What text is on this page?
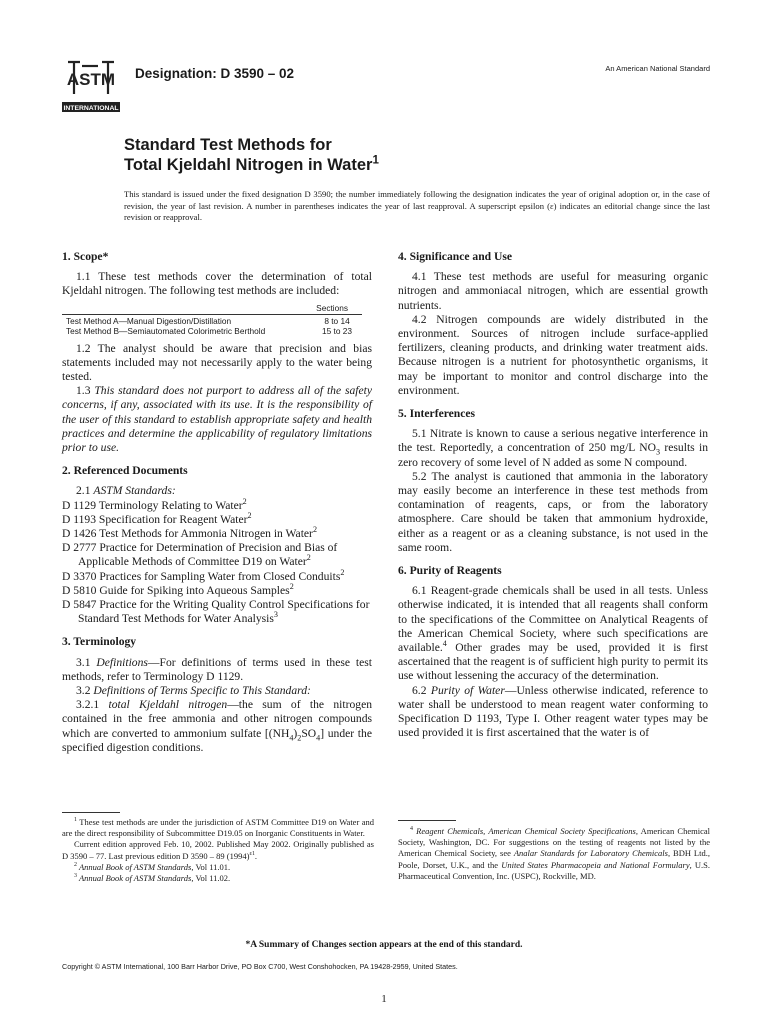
ASTM
INTERNATIONAL
Designation: D 3590 – 02	An American National Standard
Standard Test Methods for
Total Kjeldahl Nitrogen in Water$^1$
This standard is issued under the fixed designation D 3590; the number immediately following the designation indicates the year of original adoption or, in the case of revision, the year of last revision. A number in parentheses indicates the year of last reapproval. A superscript epsilon (ε) indicates an editorial change since the last revision or reapproval.
1. Scope*

1.1 These test methods cover the determination of total Kjeldahl nitrogen. The following test methods are included:

Sections
Test Method A—Manual Digestion/Distillation	8 to 14
Test Method B—Semiautomated Colorimetric Berthold	15 to 23

1.2 The analyst should be aware that precision and bias statements included may not necessarily apply to the water being tested.

1.3 This standard does not purport to address all of the safety concerns, if any, associated with its use. It is the responsibility of the user of this standard to establish appropriate safety and health practices and determine the applicability of regulatory limitations prior to use.

2. Referenced Documents

2.1 ASTM Standards:

D 1129 Terminology Relating to Water$^2$

D 1193 Specification for Reagent Water$^2$

D 1426 Test Methods for Ammonia Nitrogen in Water$^2$

D 2777 Practice for Determination of Precision and Bias of Applicable Methods of Committee D19 on Water$^2$

D 3370 Practices for Sampling Water from Closed Conduits$^2$

D 5810 Guide for Spiking into Aqueous Samples$^2$

D 5847 Practice for the Writing Quality Control Specifications for Standard Test Methods for Water Analysis$^3$

3. Terminology

3.1 Definitions—For definitions of terms used in these test methods, refer to Terminology D 1129.

3.2 Definitions of Terms Specific to This Standard:

3.2.1 total Kjeldahl nitrogen—the sum of the nitrogen contained in the free ammonia and other nitrogen compounds which are converted to ammonium sulfate $[(NH_4)_2SO_4]$ under the specified digestion conditions.

4. Significance and Use

4.1 These test methods are useful for measuring organic nitrogen and ammoniacal nitrogen, which are essential growth nutrients.

4.2 Nitrogen compounds are widely distributed in the environment. Sources of nitrogen include surface-applied fertilizers, cleaning products, and drinking water treatment aids. Because nitrogen is a nutrient for photosynthetic organisms, it may be important to monitor and control discharge into the environment.

5. Interferences

5.1 Nitrate is known to cause a serious negative interference in the test. Reportedly, a concentration of 250 mg/L $NO_3$ results in zero recovery of some level of N added as some N compound.

5.2 The analyst is cautioned that ammonia in the laboratory may easily become an interference in these test methods from contamination of reagents, caps, or from the laboratory atmosphere. Care should be taken that ammonium hydroxide, either as a reagent or as a cleaning substance, is not used in the same room.

6. Purity of Reagents

6.1 Reagent-grade chemicals shall be used in all tests. Unless otherwise indicated, it is intended that all reagents shall conform to the specifications of the Committee on Analytical Reagents of the American Chemical Society, where such specifications are available.$^4$ Other grades may be used, provided it is first ascertained that the reagent is of sufficient high purity to permit its use without lessening the accuracy of the determination.

6.2 Purity of Water—Unless otherwise indicated, reference to water shall be understood to mean reagent water conforming to Specification D 1193, Type I. Other reagent water types may be used provided it is first ascertained that the water is of

$^1$ These test methods are under the jurisdiction of ASTM Committee D19 on Water and are the direct responsibility of Subcommittee D19.05 on Inorganic Constituents in Water.

Current edition approved Feb. 10, 2002. Published May 2002. Originally published as D 3590 – 77. Last previous edition D 3590 – 89 $(1994)^{\varepsilon 1}$.

$^2$ Annual Book of ASTM Standards, Vol 11.01.

$^3$ Annual Book of ASTM Standards, Vol 11.02.

$^4$ Reagent Chemicals, American Chemical Society Specifications, American Chemical Society, Washington, DC. For suggestions on the testing of reagents not listed by the American Chemical Society, see Analar Standards for Laboratory Chemicals, BDH Ltd., Poole, Dorset, U.K., and the United States Pharmacopeia and National Formulary, U.S. Pharmaceutical Convention, Inc. (USPC), Rockville, MD.

*A Summary of Changes section appears at the end of this standard.
Copyright © ASTM International, 100 Barr Harbor Drive, PO Box C700, West Conshohocken, PA 19428-2959, United States.
1
